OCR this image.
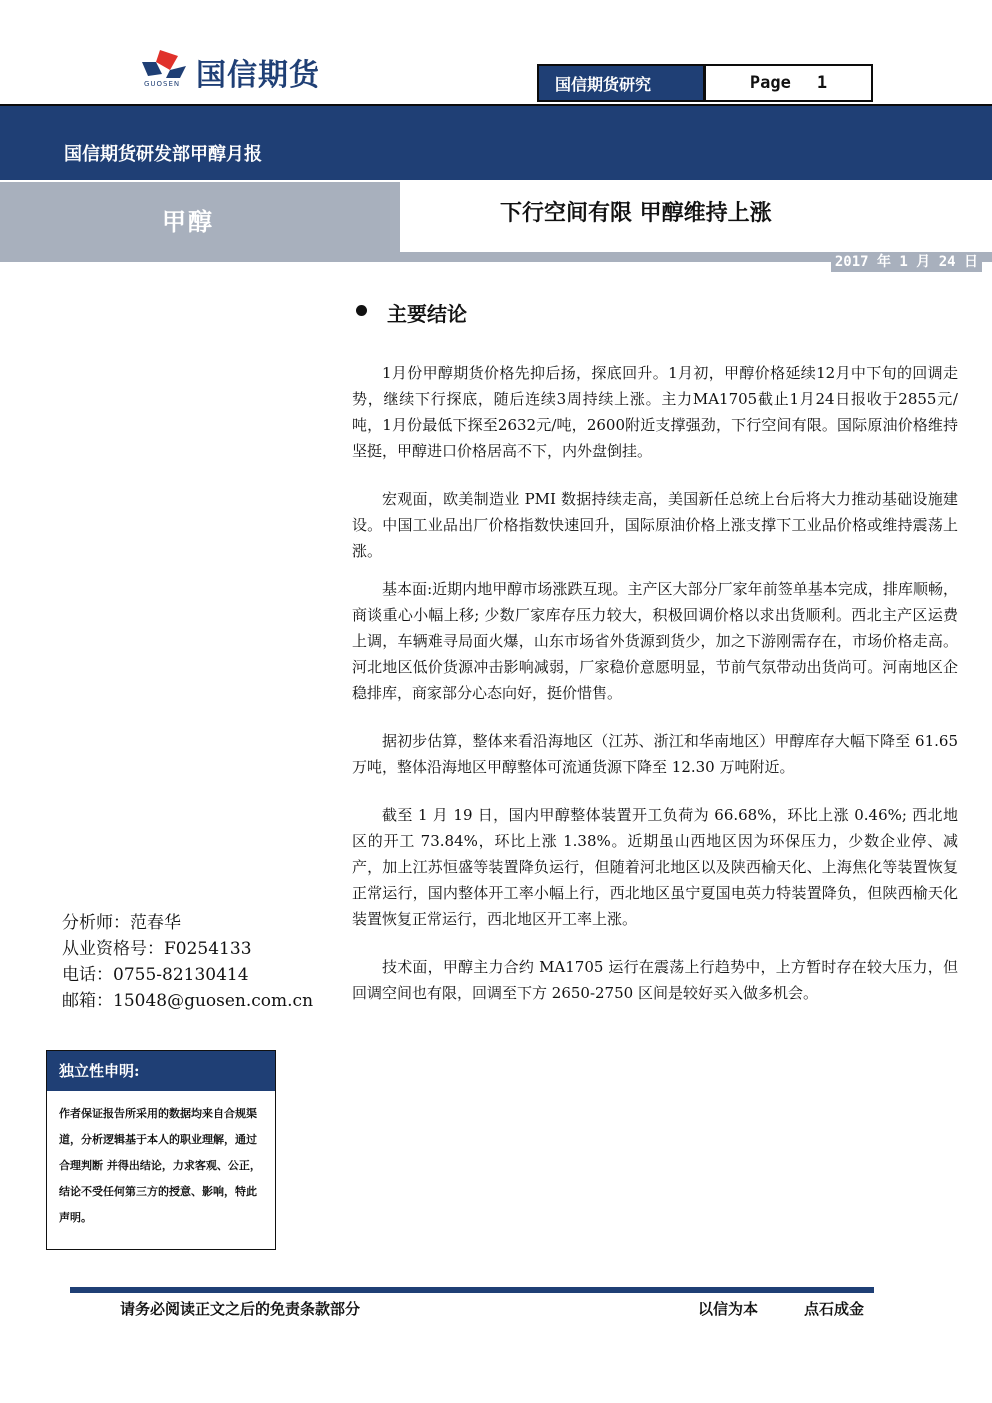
GUOSEN 国信期货	国信期货研究	Page 1
国信期货研发部甲醇月报
甲醇	下行空间有限 甲醇维持上涨
2017 年 1 月 24 日
主要结论

1月份甲醇期货价格先抑后扬，探底回升。1月初，甲醇价格延续12月中下旬的回调走势，继续下行探底，随后连续3周持续上涨。主力MA1705截止1月24日报收于2855元/吨，1月份最低下探至2632元/吨，2600附近支撑强劲，下行空间有限。国际原油价格维持坚挺，甲醇进口价格居高不下，内外盘倒挂。

宏观面，欧美制造业 PMI 数据持续走高，美国新任总统上台后将大力推动基础设施建设。中国工业品出厂价格指数快速回升，国际原油价格上涨支撑下工业品价格或维持震荡上涨。

基本面:近期内地甲醇市场涨跌互现。主产区大部分厂家年前签单基本完成，排库顺畅，商谈重心小幅上移; 少数厂家库存压力较大，积极回调价格以求出货顺利。西北主产区运费上调，车辆难寻局面火爆，山东市场省外货源到货少，加之下游刚需存在，市场价格走高。河北地区低价货源冲击影响减弱，厂家稳价意愿明显，节前气氛带动出货尚可。河南地区企稳排库，商家部分心态向好，挺价惜售。

据初步估算，整体来看沿海地区（江苏、浙江和华南地区）甲醇库存大幅下降至 61.65 万吨，整体沿海地区甲醇整体可流通货源下降至 12.30 万吨附近。

截至 1 月 19 日，国内甲醇整体装置开工负荷为 66.68%，环比上涨 0.46%; 西北地区的开工 73.84%，环比上涨 1.38%。近期虽山西地区因为环保压力，少数企业停、减产，加上江苏恒盛等装置降负运行，但随着河北地区以及陕西榆天化、上海焦化等装置恢复正常运行，国内整体开工率小幅上行，西北地区虽宁夏国电英力特装置降负，但陕西榆天化装置恢复正常运行，西北地区开工率上涨。

技术面，甲醇主力合约 MA1705 运行在震荡上行趋势中，上方暂时存在较大压力，但回调空间也有限，回调至下方 2650-2750 区间是较好买入做多机会。

分析师：范春华
从业资格号：F0254133
电话：0755-82130414
邮箱：15048@guosen.com.cn
独立性申明:
作者保证报告所采用的数据均来自合规渠道，分析逻辑基于本人的职业理解，通过合理判断 并得出结论，力求客观、公正，结论不受任何第三方的授意、影响，特此声明。
请务必阅读正文之后的免责条款部分	以信为本	点石成金
